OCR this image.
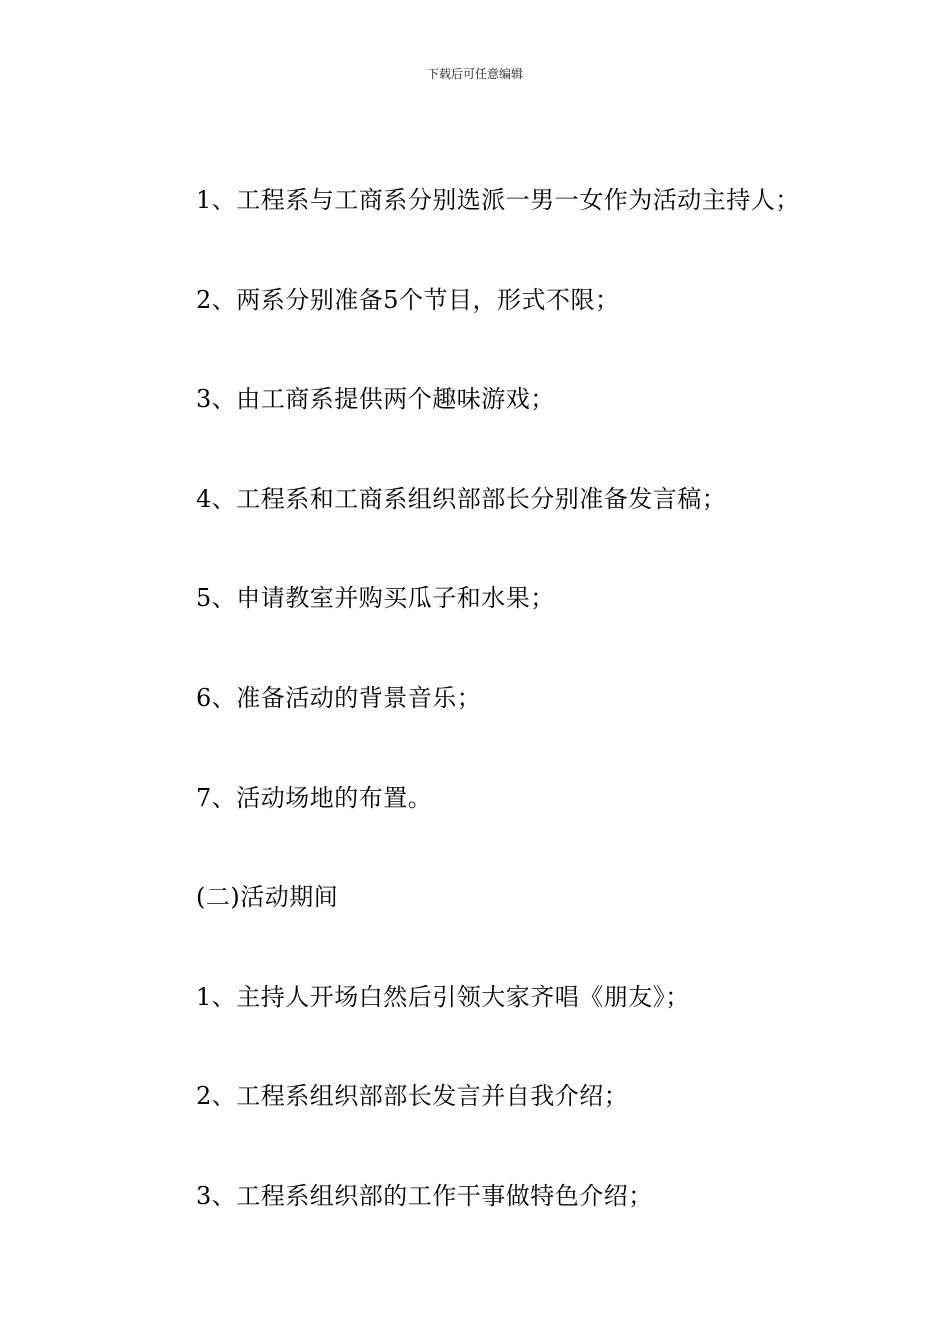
下载后可任意编辑
1、工程系与工商系分别选派一男一女作为活动主持人；
2、两系分别准备5个节目，形式不限；
3、由工商系提供两个趣味游戏；
4、工程系和工商系组织部部长分别准备发言稿；
5、申请教室并购买瓜子和水果；
6、准备活动的背景音乐；
7、活动场地的布置。
(二)活动期间
1、主持人开场白然后引领大家齐唱《朋友》；
2、工程系组织部部长发言并自我介绍；
3、工程系组织部的工作干事做特色介绍；
